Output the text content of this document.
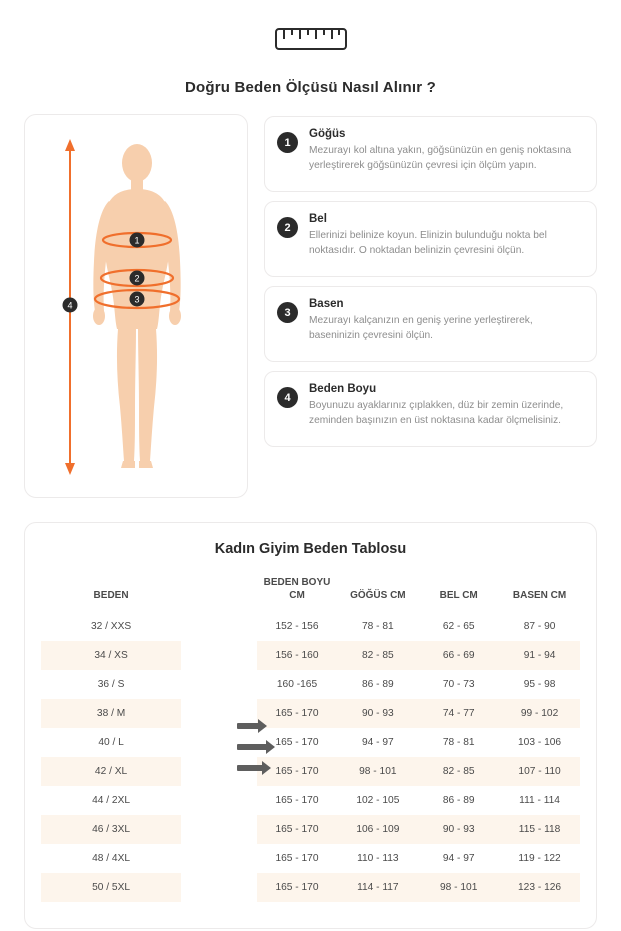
Doğru Beden Ölçüsü Nasıl Alınır ?
1
2
3
4
1
Göğüs
Mezurayı kol altına yakın, göğsünüzün en geniş noktasına yerleştirerek göğsünüzün çevresi için ölçüm yapın.
2
Bel
Ellerinizi belinize koyun. Elinizin bulunduğu nokta bel noktasıdır. O noktadan belinizin çevresini ölçün.
3
Basen
Mezurayı kalçanızın en geniş yerine yerleştirerek, baseninizin çevresini ölçün.
4
Beden Boyu
Boyunuzu ayaklarınız çıplakken, düz bir zemin üzerinde, zeminden başınızın en üst noktasına kadar ölçmelisiniz.
Kadın Giyim Beden Tablosu
BEDEN		BEDEN BOYU CM	GÖĞÜS CM	BEL CM	BASEN CM
32 / XXS		152 - 156	78 - 81	62 - 65	87 - 90
34 / XS		156 - 160	82 - 85	66 - 69	91 - 94
36 / S		160 -165	86 - 89	70 - 73	95 - 98
38 / M		165 - 170	90 - 93	74 - 77	99 - 102
40 / L		165 - 170	94 - 97	78 - 81	103 - 106
42 / XL		165 - 170	98 - 101	82 - 85	107 - 110
44 / 2XL		165 - 170	102 - 105	86 - 89	111 - 114
46 / 3XL		165 - 170	106 - 109	90 - 93	115 - 118
48 / 4XL		165 - 170	110 - 113	94 - 97	119 - 122
50 / 5XL		165 - 170	114 - 117	98 - 101	123 - 126
